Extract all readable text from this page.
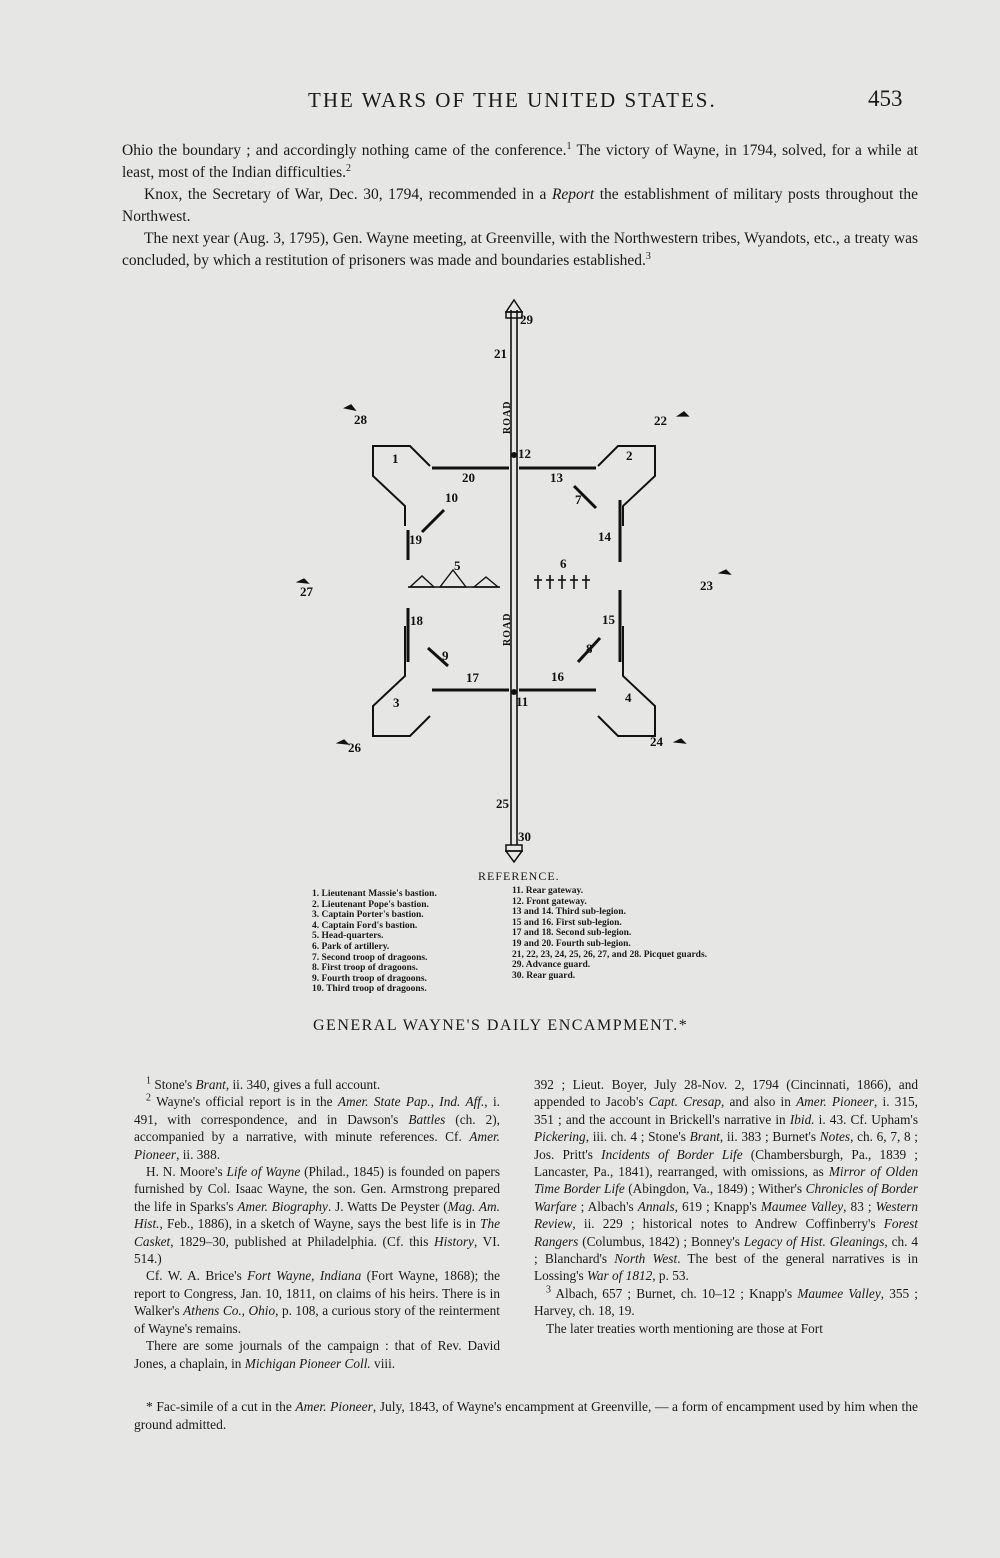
THE WARS OF THE UNITED STATES.	453

Ohio the boundary ; and accordingly nothing came of the conference.$^1$ The victory of Wayne, in 1794, solved, for a while at least, most of the Indian difficulties.$^2$

Knox, the Secretary of War, Dec. 30, 1794, recommended in a Report the establishment of military posts throughout the Northwest.

The next year (Aug. 3, 1795), Gen. Wayne meeting, at Greenville, with the Northwestern tribes, Wyandots, etc., a treaty was concluded, by which a restitution of prisoners was made and boundaries established.$^3$

ROAD
ROAD
29
21
28	22
12
1	2
20	13
10	7
14
19
5	6
27	23
18	15
9	8
17	16
11
3	4
24
26
25
30
REFERENCE.
1. Lieutenant Massie's bastion.
2. Lieutenant Pope's bastion.
3. Captain Porter's bastion.
4. Captain Ford's bastion.
5. Head-quarters.
6. Park of artillery.
7. Second troop of dragoons.
8. First troop of dragoons.
9. Fourth troop of dragoons.
10. Third troop of dragoons.
11. Rear gateway.
12. Front gateway.
13 and 14. Third sub-legion.
15 and 16. First sub-legion.
17 and 18. Second sub-legion.
19 and 20. Fourth sub-legion.
21, 22, 23, 24, 25, 26, 27, and 28. Picquet guards.
29. Advance guard.
30. Rear guard.
GENERAL WAYNE'S DAILY ENCAMPMENT.*

$^1$ Stone's Brant, ii. 340, gives a full account.

$^2$ Wayne's official report is in the Amer. State Pap., Ind. Aff., i. 491, with correspondence, and in Dawson's Battles (ch. 2), accompanied by a narrative, with minute references. Cf. Amer. Pioneer, ii. 388.

H. N. Moore's Life of Wayne (Philad., 1845) is founded on papers furnished by Col. Isaac Wayne, the son. Gen. Armstrong prepared the life in Sparks's Amer. Biography. J. Watts De Peyster (Mag. Am. Hist., Feb., 1886), in a sketch of Wayne, says the best life is in The Casket, 1829–30, published at Philadelphia. (Cf. this History, VI. 514.)

Cf. W. A. Brice's Fort Wayne, Indiana (Fort Wayne, 1868); the report to Congress, Jan. 10, 1811, on claims of his heirs. There is in Walker's Athens Co., Ohio, p. 108, a curious story of the reinterment of Wayne's remains.

There are some journals of the campaign : that of Rev. David Jones, a chaplain, in Michigan Pioneer Coll. viii.

392 ; Lieut. Boyer, July 28-Nov. 2, 1794 (Cincinnati, 1866), and appended to Jacob's Capt. Cresap, and also in Amer. Pioneer, i. 315, 351 ; and the account in Brickell's narrative in Ibid. i. 43. Cf. Upham's Pickering, iii. ch. 4 ; Stone's Brant, ii. 383 ; Burnet's Notes, ch. 6, 7, 8 ; Jos. Pritt's Incidents of Border Life (Chambersburgh, Pa., 1839 ; Lancaster, Pa., 1841), rearranged, with omissions, as Mirror of Olden Time Border Life (Abingdon, Va., 1849) ; Wither's Chronicles of Border Warfare ; Albach's Annals, 619 ; Knapp's Maumee Valley, 83 ; Western Review, ii. 229 ; historical notes to Andrew Coffinberry's Forest Rangers (Columbus, 1842) ; Bonney's Legacy of Hist. Gleanings, ch. 4 ; Blanchard's North West. The best of the general narratives is in Lossing's War of 1812, p. 53.

$^3$ Albach, 657 ; Burnet, ch. 10–12 ; Knapp's Maumee Valley, 355 ; Harvey, ch. 18, 19.

The later treaties worth mentioning are those at Fort

* Fac-simile of a cut in the Amer. Pioneer, July, 1843, of Wayne's encampment at Greenville, — a form of encampment used by him when the ground admitted.
